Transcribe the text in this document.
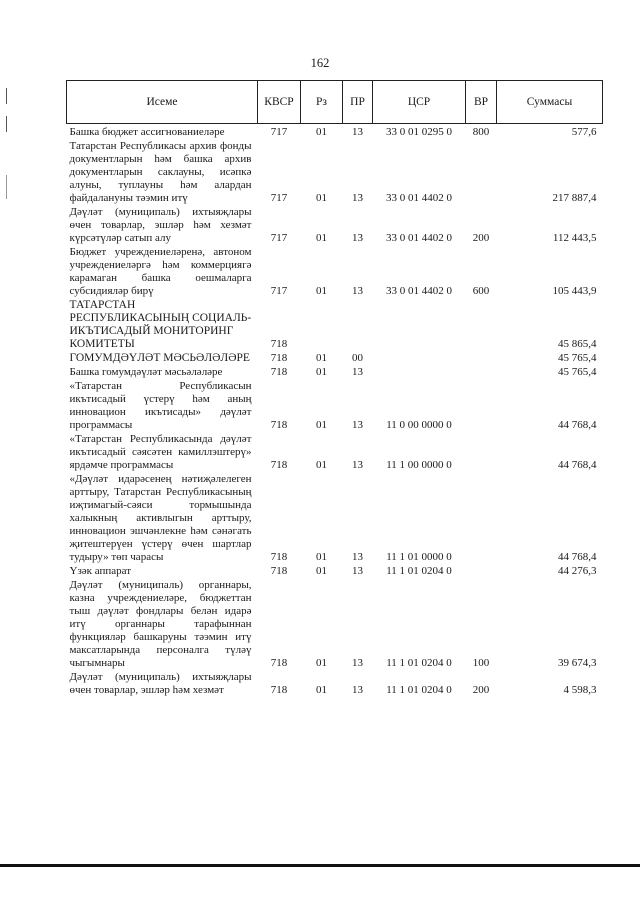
162
Исеме	КВСР	Рз	ПР	ЦСР	ВР	Суммасы
Башка бюджет ассигнованиеләре	717	01	13	33 0 01 0295 0	800	577,6
Татарстан Республикасы архив фонды документларын һәм башка архив документларын саклауны, исәпкә алуны, туплауны һәм алардан файдалануны тәэмин итү	717	01	13	33 0 01 4402 0		217 887,4
Дәүләт (муниципаль) ихтыяҗлары өчен товарлар, эшләр һәм хезмәт күрсәтүләр сатып алу	717	01	13	33 0 01 4402 0	200	112 443,5
Бюджет учреждениеләренә, автоном учреждениеләргә һәм коммерциягә карамаган башка оешмаларга субсидияләр бирү	717	01	13	33 0 01 4402 0	600	105 443,9
ТАТАРСТАН РЕСПУБЛИКАСЫНЫҢ СОЦИАЛЬ-ИКЪТИСАДЫЙ МОНИТОРИНГ КОМИТЕТЫ	718					45 865,4
ГОМУМДӘҮЛӘТ МӘСЬӘЛӘЛӘРЕ	718	01	00			45 765,4
Башка гомумдәүләт мәсьәләләре	718	01	13			45 765,4
«Татарстан Республикасын икътисадый үстерү һәм аның инновацион икътисады» дәүләт программасы	718	01	13	11 0 00 0000 0		44 768,4
«Татарстан Республикасында дәүләт икътисадый сәясәтен камиллэштерү» ярдәмче программасы	718	01	13	11 1 00 0000 0		44 768,4
«Дәүләт идарәсенең нәтиҗәлелеген арттыру, Татарстан Республикасының иҗтимагый-сәяси тормышында халыкның активлыгын арттыру, инновацион эшчәнлекне һәм сәнәгать җитештерүен үстерү өчен шартлар тудыру» төп чарасы	718	01	13	11 1 01 0000 0		44 768,4
Үзәк аппарат	718	01	13	11 1 01 0204 0		44 276,3
Дәүләт (муниципаль) органнары, казна учреждениеләре, бюджеттан тыш дәүләт фондлары белән идарә итү органнары тарафыннан функцияләр башкаруны тәэмин итү максатларында персоналга түләү чыгымнары	718	01	13	11 1 01 0204 0	100	39 674,3
Дәүләт (муниципаль) ихтыяҗлары өчен товарлар, эшләр һәм хезмәт	718	01	13	11 1 01 0204 0	200	4 598,3
